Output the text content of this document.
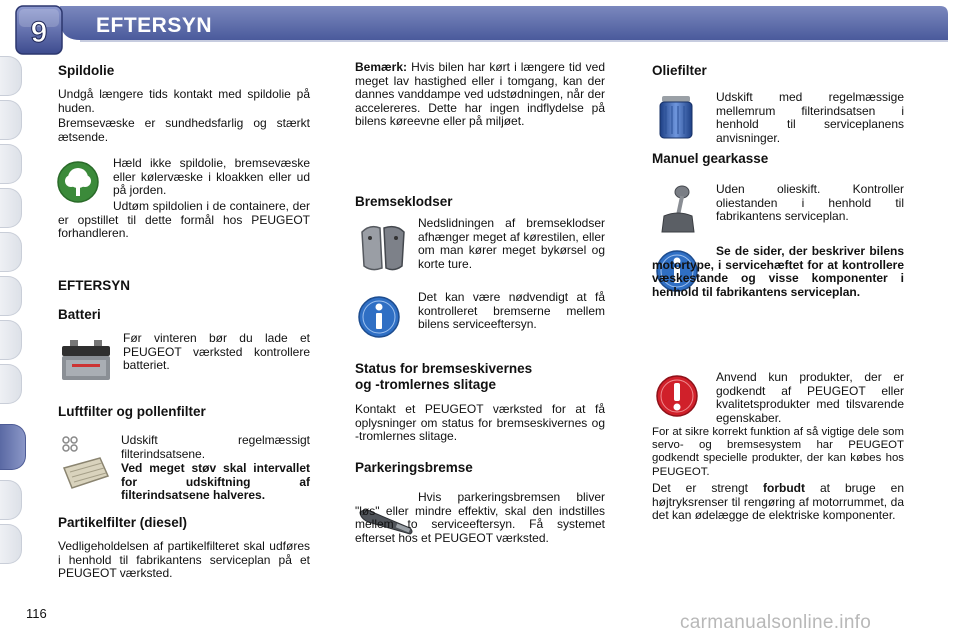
9 EFTERSYN
Spildolie
Undgå længere tids kontakt med spildolie på huden.
Bremsevæske er sundhedsfarlig og stærkt ætsende.
Hæld ikke spildolie, bremsevæske eller kølervæske i kloakken eller ud på jorden.
Udtøm spildolien i de containere, der er opstillet til dette formål hos PEUGEOT forhandleren.
EFTERSYN
Batteri
Før vinteren bør du lade et PEUGEOT værksted kontrollere batteriet.
Luftfilter og pollenfilter
Udskift regelmæssigt filterindsatsene.
Ved meget støv skal intervallet for udskiftning af filterindsatsene halveres.
Partikelfilter (diesel)
Vedligeholdelsen af partikelfilteret skal udføres i henhold til fabrikantens serviceplan på et PEUGEOT værksted.
Bemærk: Hvis bilen har kørt i længere tid ved meget lav hastighed eller i tomgang, kan der dannes vanddampe ved udstødningen, når der accelereres. Dette har ingen indflydelse på bilens køreevne eller på miljøet.
Bremseklodser
Nedslidningen af bremseklodser afhænger meget af kørestilen, eller om man kører meget bykørsel og korte ture.
Det kan være nødvendigt at få kontrolleret bremserne mellem bilens serviceeftersyn.
Status for bremseskivernes
og -tromlernes slitage
Kontakt et PEUGEOT værksted for at få oplysninger om status for bremseskivernes og -tromlernes slitage.
Parkeringsbremse
Hvis parkeringsbremsen bliver "løs" eller mindre effektiv, skal den indstilles mellem to serviceeftersyn. Få systemet efterset hos et PEUGEOT værksted.
Oliefilter
Udskift med regelmæssige mellemrum filterindsatsen i henhold til serviceplanens anvisninger.
Manuel gearkasse
Uden olieskift. Kontroller oliestanden i henhold til fabrikantens serviceplan.
Se de sider, der beskriver bilens motortype, i servicehæftet for at kontrollere væskestande og visse komponenter i henhold til fabrikantens serviceplan.
Anvend kun produkter, der er godkendt af PEUGEOT eller kvalitetsprodukter med tilsvarende egenskaber.
For at sikre korrekt funktion af så vigtige dele som servo- og bremsesystem har PEUGEOT godkendt specielle produkter, der kan købes hos PEUGEOT.
Det er strengt forbudt at bruge en højtryksrenser til rengøring af motorrummet, da det kan ødelægge de elektriske komponenter.
116	carmanualsonline.info
